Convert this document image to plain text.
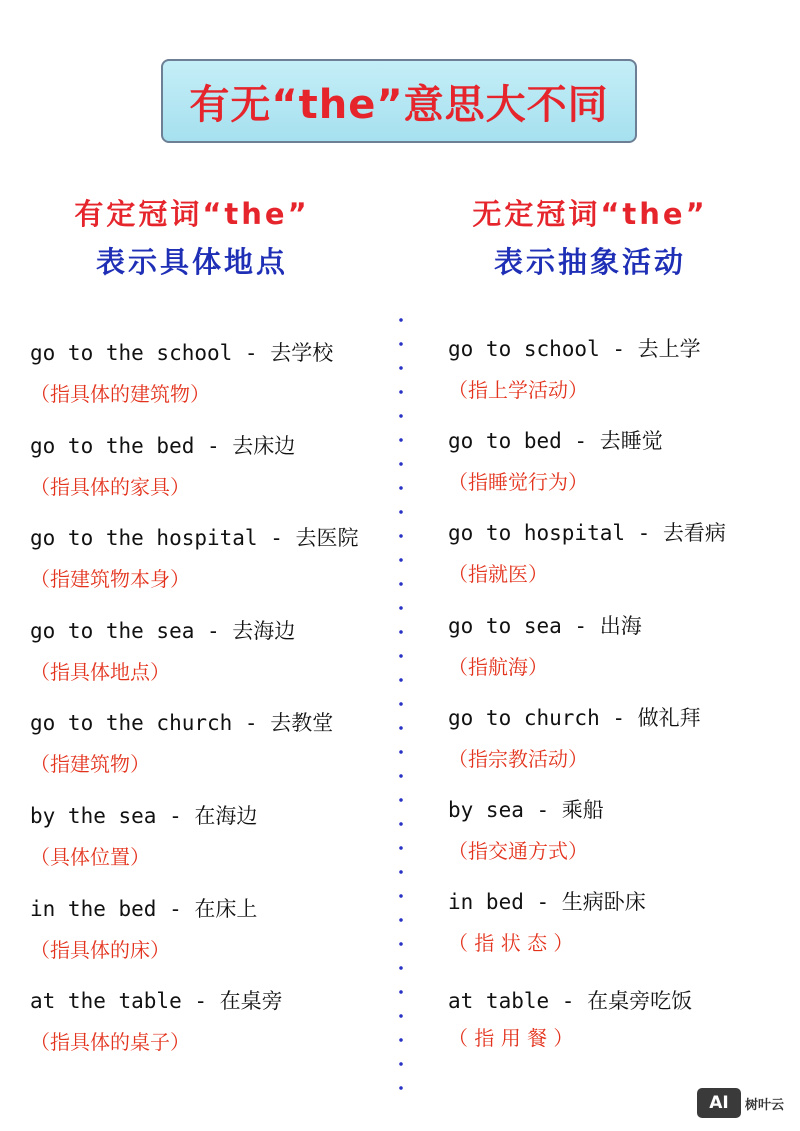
有无“the”意思大不同
有定冠词“the”
表示具体地点
无定冠词“the”
表示抽象活动
go to the school - 去学校
（指具体的建筑物）
go to the bed - 去床边
（指具体的家具）
go to the hospital - 去医院
（指建筑物本身）
go to the sea - 去海边
（指具体地点）
go to the church - 去教堂
（指建筑物）
by the sea - 在海边
（具体位置）
in the bed - 在床上
（指具体的床）
at the table - 在桌旁
（指具体的桌子）
go to school - 去上学
（指上学活动）
go to bed - 去睡觉
（指睡觉行为）
go to hospital - 去看病
（指就医）
go to sea - 出海
（指航海）
go to church - 做礼拜
（指宗教活动）
by sea - 乘船
（指交通方式）
in bed - 生病卧床
（ 指 状 态 ）
at table - 在桌旁吃饭
（ 指 用 餐 ）
AI	树叶云
